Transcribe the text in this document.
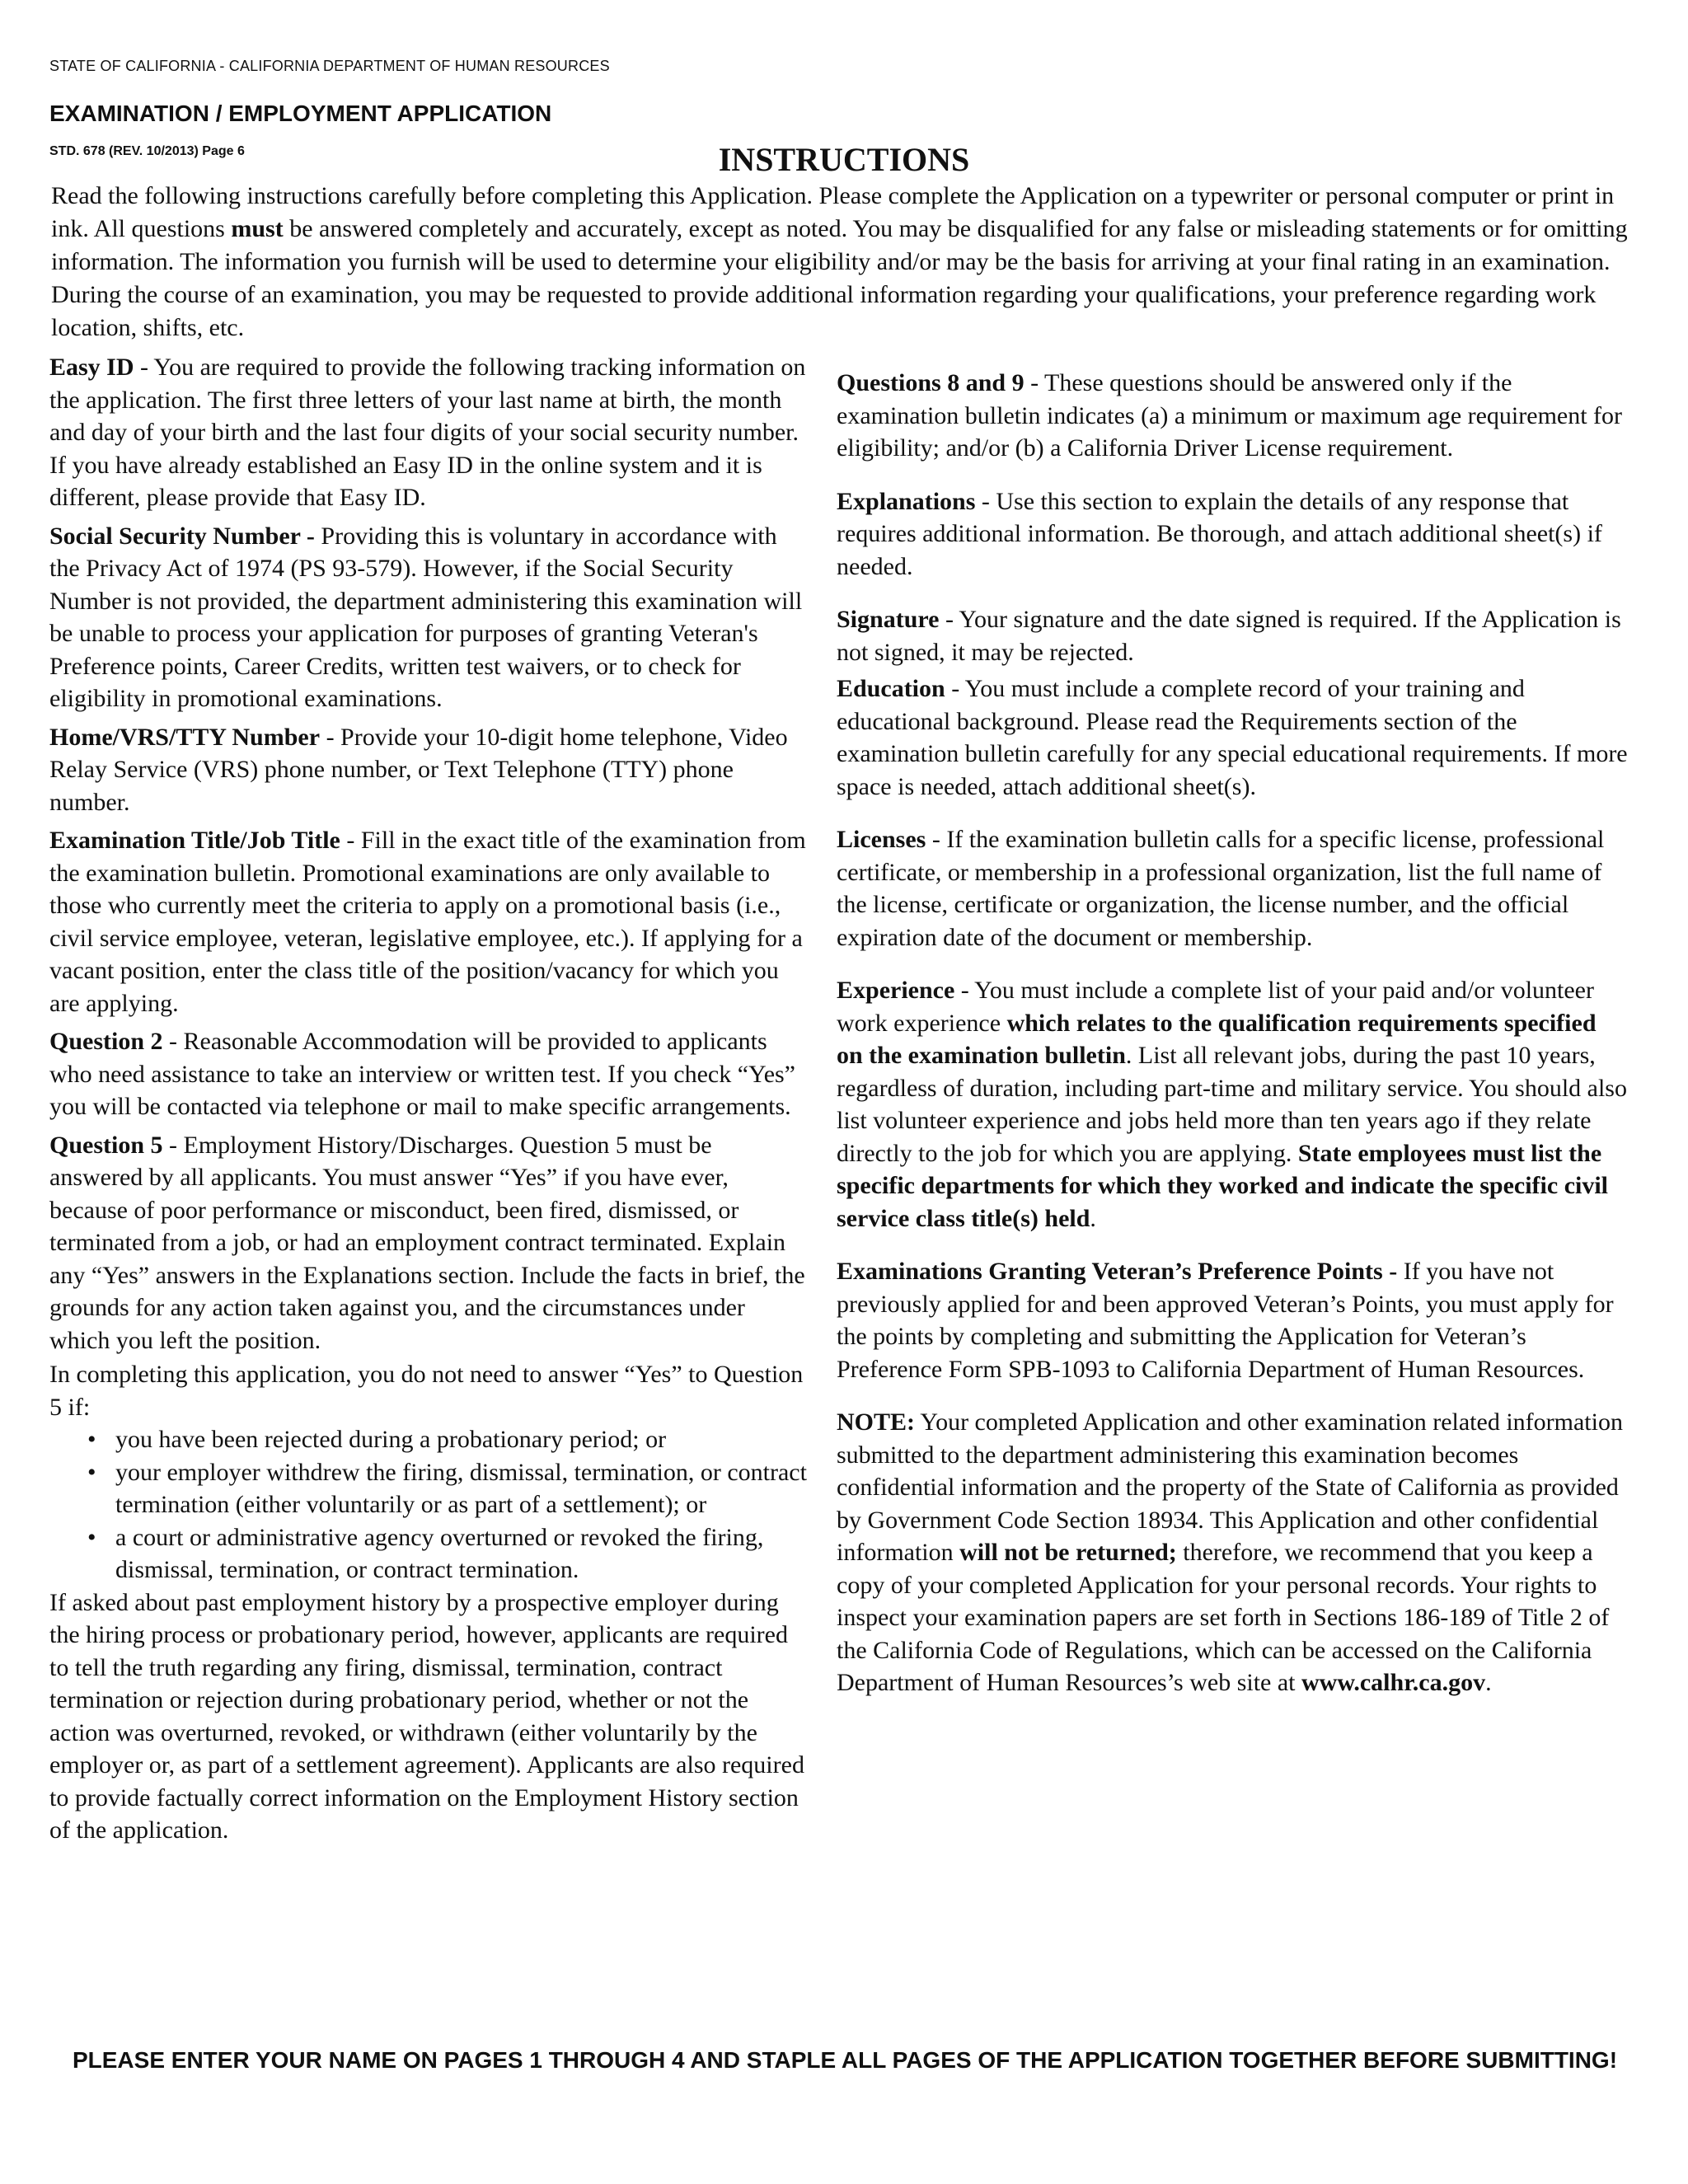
STATE OF CALIFORNIA - CALIFORNIA DEPARTMENT OF HUMAN RESOURCES
EXAMINATION / EMPLOYMENT APPLICATION
STD. 678 (REV. 10/2013) Page 6	INSTRUCTIONS
Read the following instructions carefully before completing this Application. Please complete the Application on a typewriter or personal computer or print in ink. All questions must be answered completely and accurately, except as noted. You may be disqualified for any false or misleading statements or for omitting information. The information you furnish will be used to determine your eligibility and/or may be the basis for arriving at your final rating in an examination. During the course of an examination, you may be requested to provide additional information regarding your qualifications, your preference regarding work location, shifts, etc.

Easy ID - You are required to provide the following tracking information on the application. The first three letters of your last name at birth, the month and day of your birth and the last four digits of your social security number. If you have already established an Easy ID in the online system and it is different, please provide that Easy ID.

Social Security Number - Providing this is voluntary in accordance with the Privacy Act of 1974 (PS 93-579). However, if the Social Security Number is not provided, the department administering this examination will be unable to process your application for purposes of granting Veteran's Preference points, Career Credits, written test waivers, or to check for eligibility in promotional examinations.

Home/VRS/TTY Number - Provide your 10-digit home telephone, Video Relay Service (VRS) phone number, or Text Telephone (TTY) phone number.

Examination Title/Job Title - Fill in the exact title of the examination from the examination bulletin. Promotional examinations are only available to those who currently meet the criteria to apply on a promotional basis (i.e., civil service employee, veteran, legislative employee, etc.). If applying for a vacant position, enter the class title of the position/vacancy for which you are applying.

Question 2 - Reasonable Accommodation will be provided to applicants who need assistance to take an interview or written test. If you check “Yes” you will be contacted via telephone or mail to make specific arrangements.

Question 5 - Employment History/Discharges. Question 5 must be answered by all applicants. You must answer “Yes” if you have ever, because of poor performance or misconduct, been fired, dismissed, or terminated from a job, or had an employment contract terminated. Explain any “Yes” answers in the Explanations section. Include the facts in brief, the grounds for any action taken against you, and the circumstances under which you left the position.

In completing this application, you do not need to answer “Yes” to Question 5 if:

• you have been rejected during a probationary period; or
• your employer withdrew the firing, dismissal, termination, or contract termination (either voluntarily or as part of a settlement); or
• a court or administrative agency overturned or revoked the firing, dismissal, termination, or contract termination.

If asked about past employment history by a prospective employer during the hiring process or probationary period, however, applicants are required to tell the truth regarding any firing, dismissal, termination, contract termination or rejection during probationary period, whether or not the action was overturned, revoked, or withdrawn (either voluntarily by the employer or, as part of a settlement agreement). Applicants are also required to provide factually correct information on the Employment History section of the application.

Questions 8 and 9 - These questions should be answered only if the examination bulletin indicates (a) a minimum or maximum age requirement for eligibility; and/or (b) a California Driver License requirement.

Explanations - Use this section to explain the details of any response that requires additional information. Be thorough, and attach additional sheet(s) if needed.

Signature - Your signature and the date signed is required. If the Application is not signed, it may be rejected.

Education - You must include a complete record of your training and educational background. Please read the Requirements section of the examination bulletin carefully for any special educational requirements. If more space is needed, attach additional sheet(s).

Licenses - If the examination bulletin calls for a specific license, professional certificate, or membership in a professional organization, list the full name of the license, certificate or organization, the license number, and the official expiration date of the document or membership.

Experience - You must include a complete list of your paid and/or volunteer work experience which relates to the qualification requirements specified on the examination bulletin. List all relevant jobs, during the past 10 years, regardless of duration, including part-time and military service. You should also list volunteer experience and jobs held more than ten years ago if they relate directly to the job for which you are applying. State employees must list the specific departments for which they worked and indicate the specific civil service class title(s) held.

Examinations Granting Veteran’s Preference Points - If you have not previously applied for and been approved Veteran’s Points, you must apply for the points by completing and submitting the Application for Veteran’s Preference Form SPB-1093 to California Department of Human Resources.

NOTE: Your completed Application and other examination related information submitted to the department administering this examination becomes confidential information and the property of the State of California as provided by Government Code Section 18934. This Application and other confidential information will not be returned; therefore, we recommend that you keep a copy of your completed Application for your personal records. Your rights to inspect your examination papers are set forth in Sections 186-189 of Title 2 of the California Code of Regulations, which can be accessed on the California Department of Human Resources’s web site at www.calhr.ca.gov.

PLEASE ENTER YOUR NAME ON PAGES 1 THROUGH 4 AND STAPLE ALL PAGES OF THE APPLICATION TOGETHER BEFORE SUBMITTING!
